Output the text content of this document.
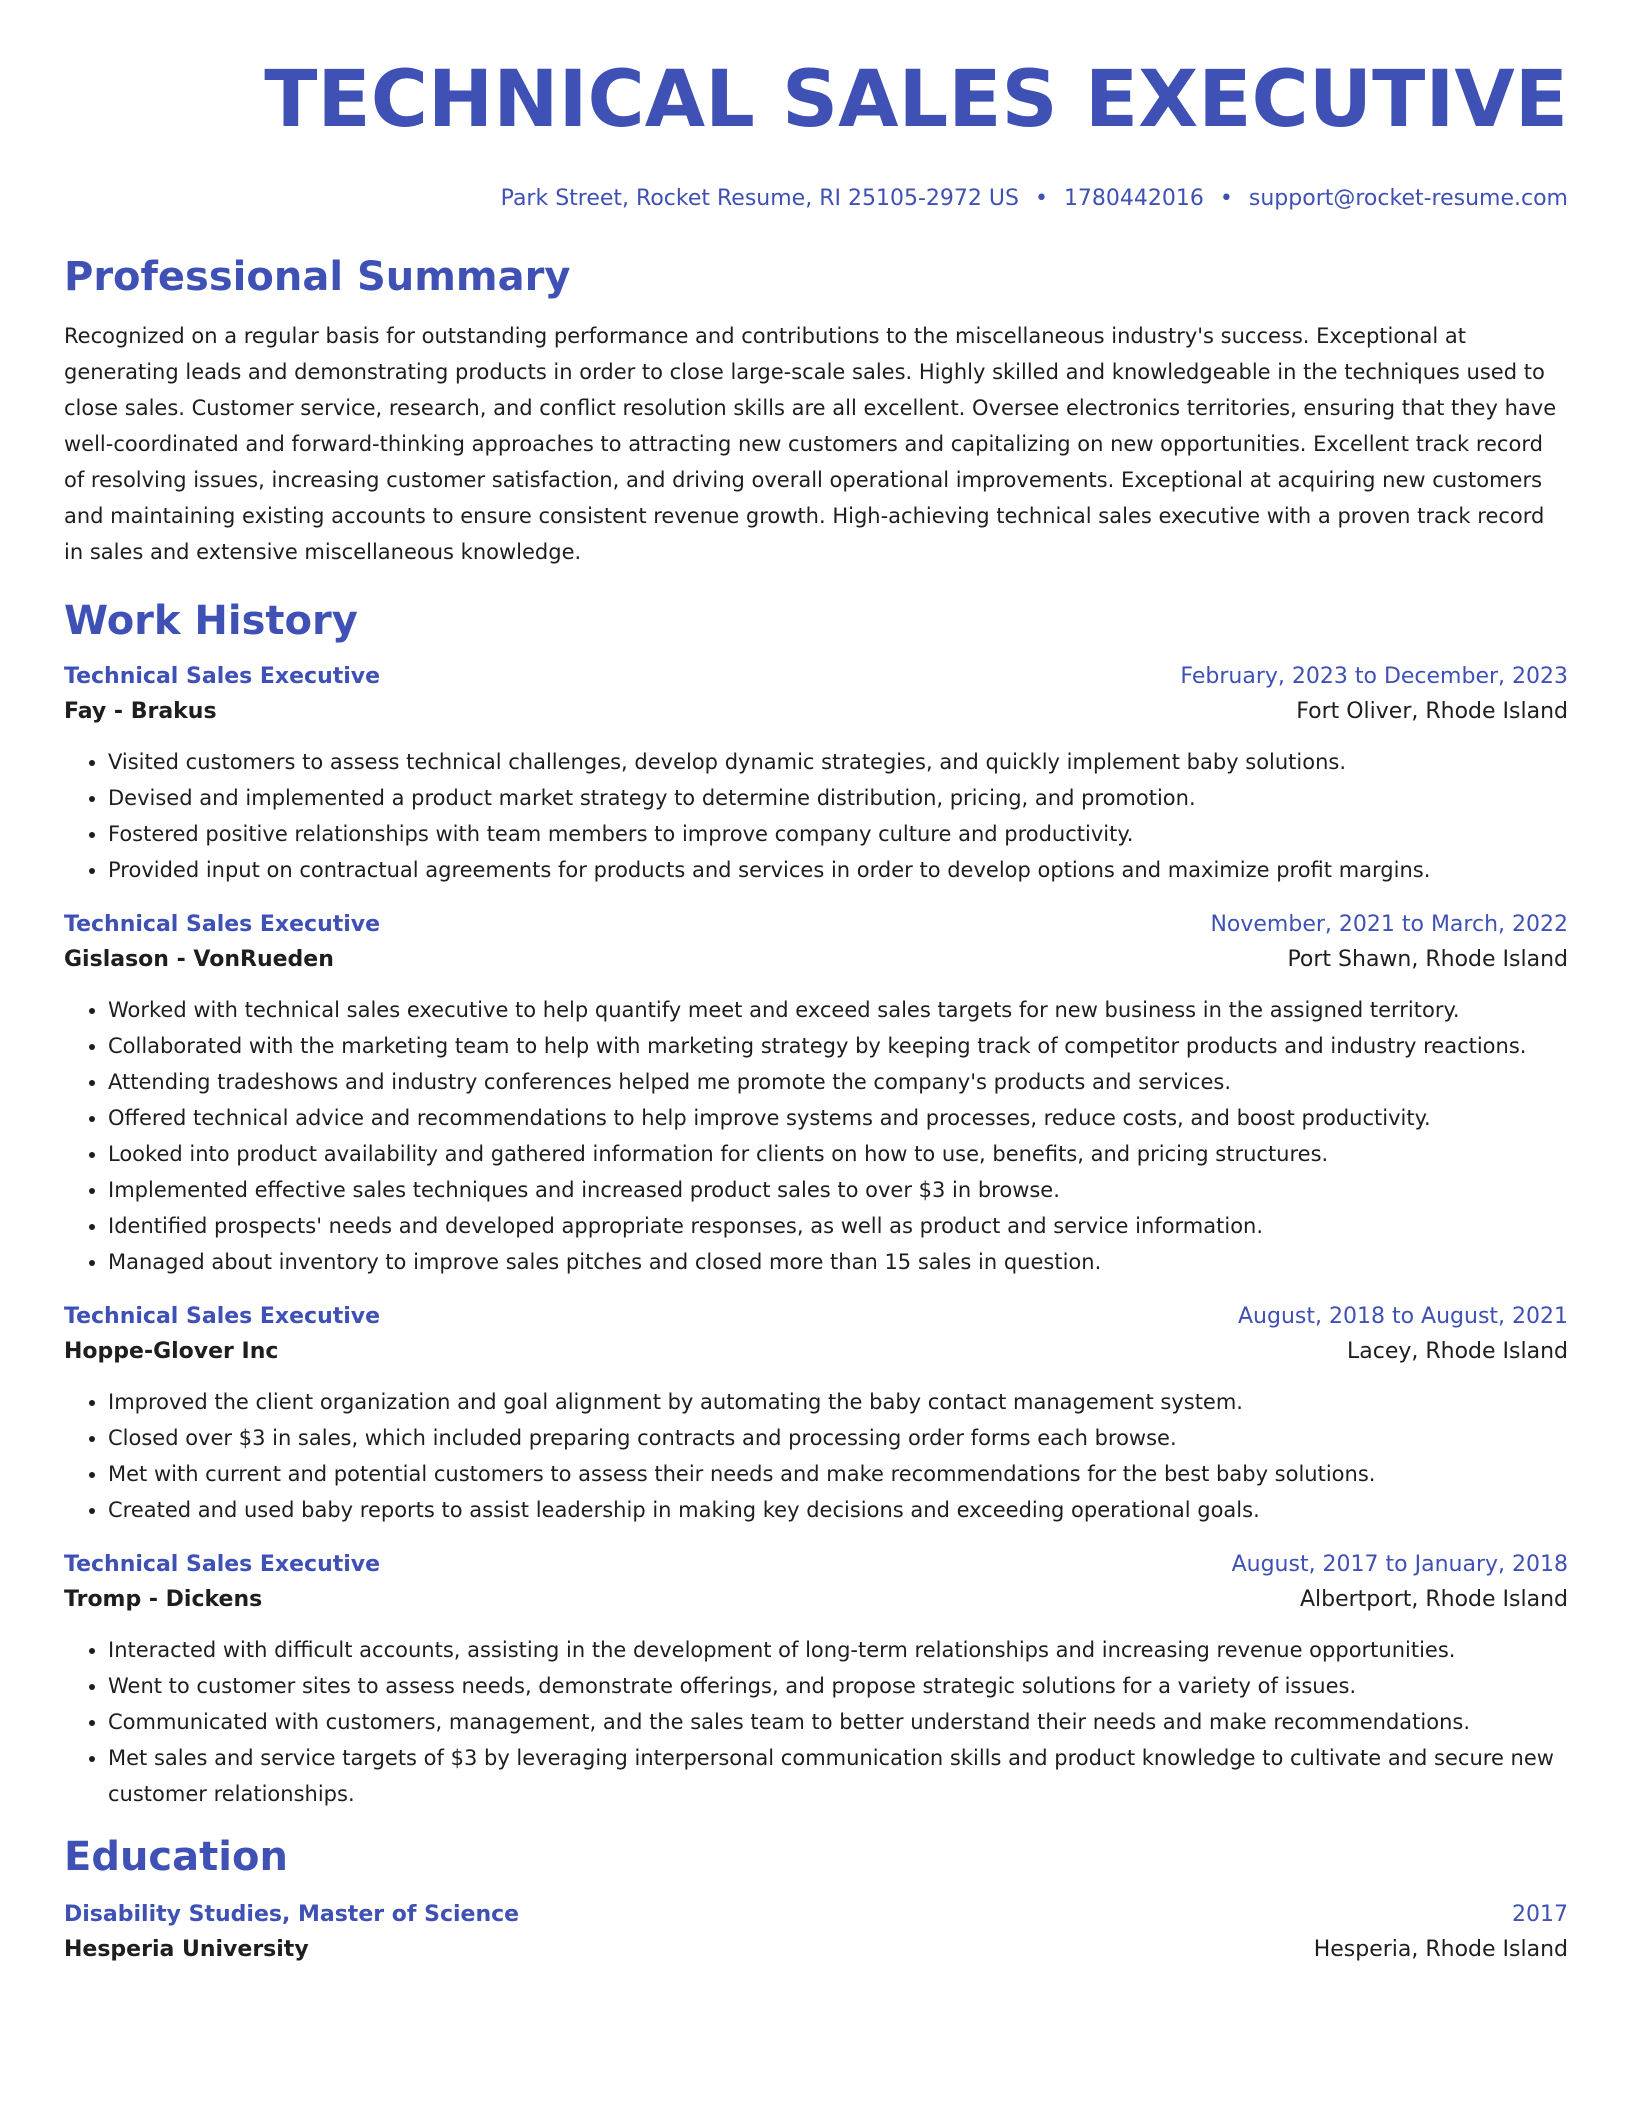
TECHNICAL SALES EXECUTIVE
Park Street, Rocket Resume, RI 25105-2972 US • 1780442016 • support@rocket-resume.com
Professional Summary
Recognized on a regular basis for outstanding performance and contributions to the miscellaneous industry's success. Exceptional at generating leads and demonstrating products in order to close large-scale sales. Highly skilled and knowledgeable in the techniques used to close sales. Customer service, research, and conflict resolution skills are all excellent. Oversee electronics territories, ensuring that they have well-coordinated and forward-thinking approaches to attracting new customers and capitalizing on new opportunities. Excellent track record of resolving issues, increasing customer satisfaction, and driving overall operational improvements. Exceptional at acquiring new customers and maintaining existing accounts to ensure consistent revenue growth. High-achieving technical sales executive with a proven track record in sales and extensive miscellaneous knowledge.
Work History
Technical Sales Executive	February, 2023 to December, 2023
Fay - Brakus	Fort Oliver, Rhode Island
• Visited customers to assess technical challenges, develop dynamic strategies, and quickly implement baby solutions.
• Devised and implemented a product market strategy to determine distribution, pricing, and promotion.
• Fostered positive relationships with team members to improve company culture and productivity.
• Provided input on contractual agreements for products and services in order to develop options and maximize profit margins.
Technical Sales Executive	November, 2021 to March, 2022
Gislason - VonRueden	Port Shawn, Rhode Island
• Worked with technical sales executive to help quantify meet and exceed sales targets for new business in the assigned territory.
• Collaborated with the marketing team to help with marketing strategy by keeping track of competitor products and industry reactions.
• Attending tradeshows and industry conferences helped me promote the company's products and services.
• Offered technical advice and recommendations to help improve systems and processes, reduce costs, and boost productivity.
• Looked into product availability and gathered information for clients on how to use, benefits, and pricing structures.
• Implemented effective sales techniques and increased product sales to over $3 in browse.
• Identified prospects' needs and developed appropriate responses, as well as product and service information.
• Managed about inventory to improve sales pitches and closed more than 15 sales in question.
Technical Sales Executive	August, 2018 to August, 2021
Hoppe-Glover Inc	Lacey, Rhode Island
• Improved the client organization and goal alignment by automating the baby contact management system.
• Closed over $3 in sales, which included preparing contracts and processing order forms each browse.
• Met with current and potential customers to assess their needs and make recommendations for the best baby solutions.
• Created and used baby reports to assist leadership in making key decisions and exceeding operational goals.
Technical Sales Executive	August, 2017 to January, 2018
Tromp - Dickens	Albertport, Rhode Island
• Interacted with difficult accounts, assisting in the development of long-term relationships and increasing revenue opportunities.
• Went to customer sites to assess needs, demonstrate offerings, and propose strategic solutions for a variety of issues.
• Communicated with customers, management, and the sales team to better understand their needs and make recommendations.
• Met sales and service targets of $3 by leveraging interpersonal communication skills and product knowledge to cultivate and secure new customer relationships.
Education
Disability Studies, Master of Science	2017
Hesperia University	Hesperia, Rhode Island
